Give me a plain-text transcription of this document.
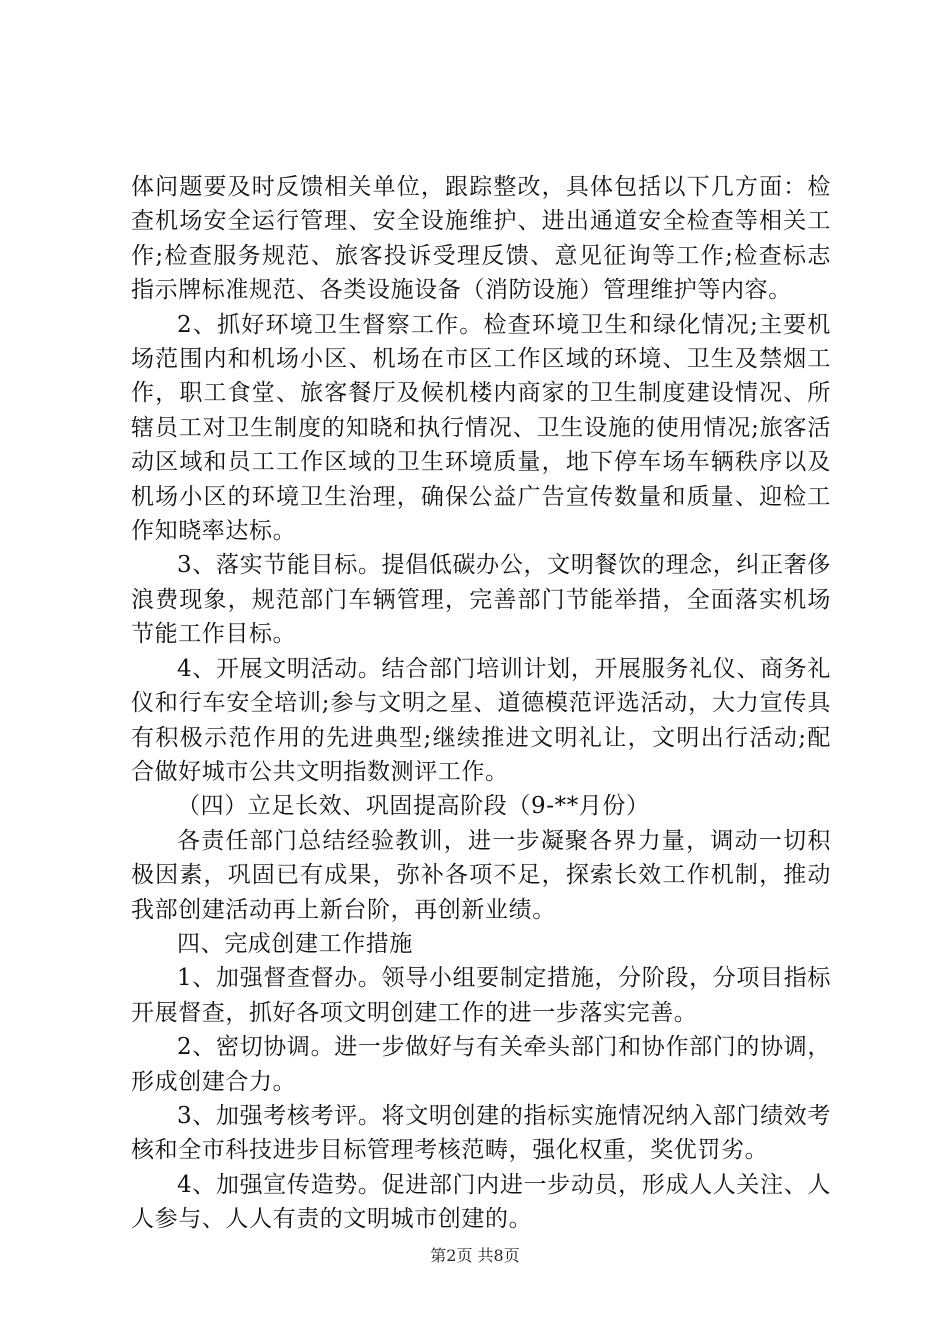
体问题要及时反馈相关单位，跟踪整改，具体包括以下几方面：检查机场安全运行管理、安全设施维护、进出通道安全检查等相关工作;检查服务规范、旅客投诉受理反馈、意见征询等工作;检查标志指示牌标准规范、各类设施设备（消防设施）管理维护等内容。

2、抓好环境卫生督察工作。检查环境卫生和绿化情况;主要机场范围内和机场小区、机场在市区工作区域的环境、卫生及禁烟工作，职工食堂、旅客餐厅及候机楼内商家的卫生制度建设情况、所辖员工对卫生制度的知晓和执行情况、卫生设施的使用情况;旅客活动区域和员工工作区域的卫生环境质量，地下停车场车辆秩序以及机场小区的环境卫生治理，确保公益广告宣传数量和质量、迎检工作知晓率达标。

3、落实节能目标。提倡低碳办公，文明餐饮的理念，纠正奢侈浪费现象，规范部门车辆管理，完善部门节能举措，全面落实机场节能工作目标。

4、开展文明活动。结合部门培训计划，开展服务礼仪、商务礼仪和行车安全培训;参与文明之星、道德模范评选活动，大力宣传具有积极示范作用的先进典型;继续推进文明礼让，文明出行活动;配合做好城市公共文明指数测评工作。

（四）立足长效、巩固提高阶段（9-**月份）

各责任部门总结经验教训，进一步凝聚各界力量，调动一切积极因素，巩固已有成果，弥补各项不足，探索长效工作机制，推动我部创建活动再上新台阶，再创新业绩。

四、完成创建工作措施

1、加强督查督办。领导小组要制定措施，分阶段，分项目指标开展督查，抓好各项文明创建工作的进一步落实完善。

2、密切协调。进一步做好与有关牵头部门和协作部门的协调，形成创建合力。

3、加强考核考评。将文明创建的指标实施情况纳入部门绩效考核和全市科技进步目标管理考核范畴，强化权重，奖优罚劣。

4、加强宣传造势。促进部门内进一步动员，形成人人关注、人人参与、人人有责的文明城市创建的。

第2页 共8页
